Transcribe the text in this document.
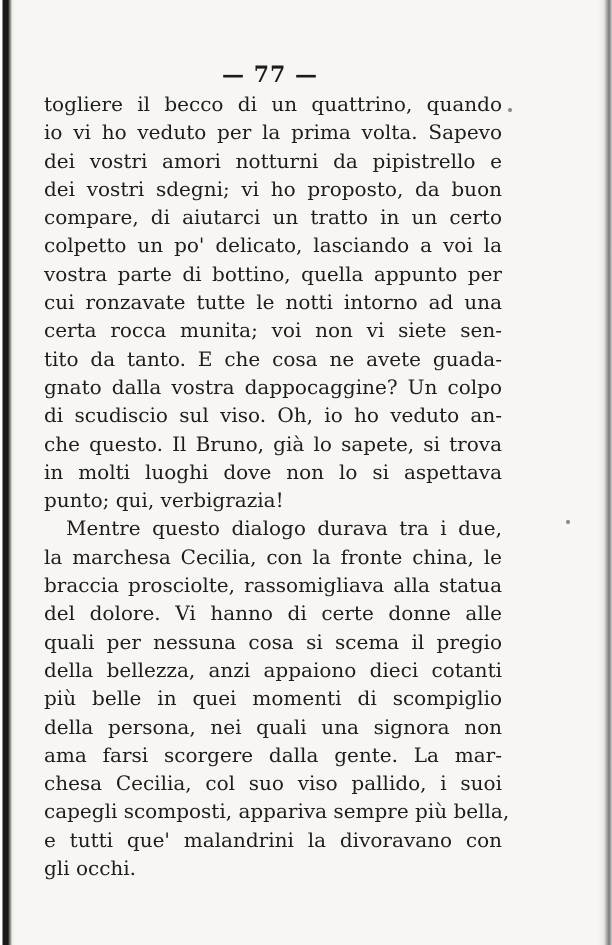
— 77 —
togliere il becco di un quattrino, quando
io vi ho veduto per la prima volta. Sapevo
dei vostri amori notturni da pipistrello e
dei vostri sdegni; vi ho proposto, da buon
compare, di aiutarci un tratto in un certo
colpetto un po' delicato, lasciando a voi la
vostra parte di bottino, quella appunto per
cui ronzavate tutte le notti intorno ad una
certa rocca munita; voi non vi siete sen-
tito da tanto. E che cosa ne avete guada-
gnato dalla vostra dappocaggine? Un colpo
di scudiscio sul viso. Oh, io ho veduto an-
che questo. Il Bruno, già lo sapete, si trova
in molti luoghi dove non lo si aspettava
punto; qui, verbigrazia!
Mentre questo dialogo durava tra i due,
la marchesa Cecilia, con la fronte china, le
braccia prosciolte, rassomigliava alla statua
del dolore. Vi hanno di certe donne alle
quali per nessuna cosa si scema il pregio
della bellezza, anzi appaiono dieci cotanti
più belle in quei momenti di scompiglio
della persona, nei quali una signora non
ama farsi scorgere dalla gente. La mar-
chesa Cecilia, col suo viso pallido, i suoi
capegli scomposti, appariva sempre più bella,
e tutti que' malandrini la divoravano con
gli occhi.
